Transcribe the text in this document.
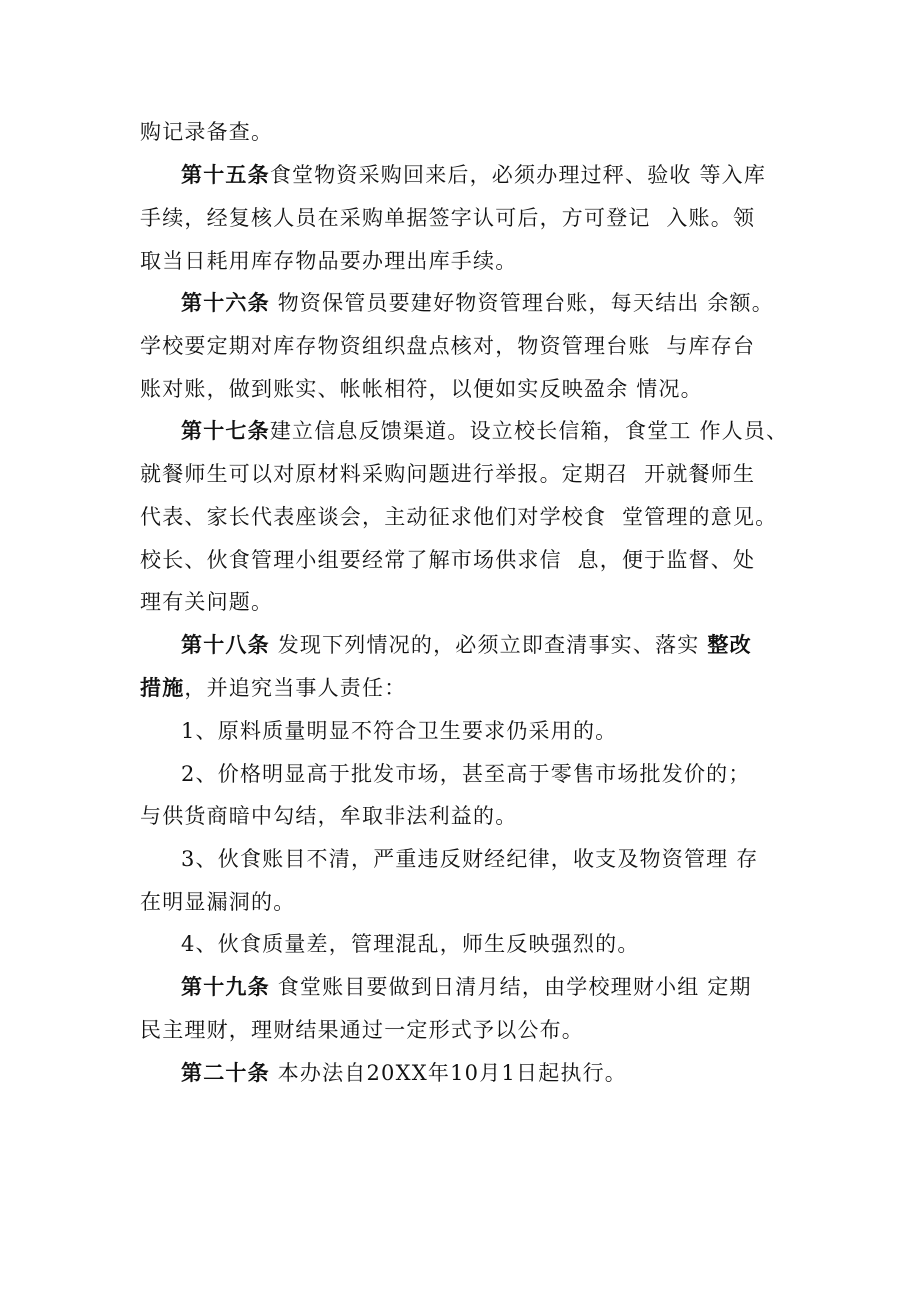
购记录备查。
第十五条食堂物资采购回来后，必须办理过秤、验收 等入库
手续，经复核人员在采购单据签字认可后，方可登记  入账。领
取当日耗用库存物品要办理出库手续。
第十六条 物资保管员要建好物资管理台账，每天结出 余额。
学校要定期对库存物资组织盘点核对，物资管理台账  与库存台
账对账，做到账实、帐帐相符，以便如实反映盈余 情况。
第十七条建立信息反馈渠道。设立校长信箱，食堂工 作人员、
就餐师生可以对原材料采购问题进行举报。定期召  开就餐师生
代表、家长代表座谈会，主动征求他们对学校食  堂管理的意见。
校长、伙食管理小组要经常了解市场供求信  息，便于监督、处
理有关问题。
第十八条 发现下列情况的，必须立即查清事实、落实 整改
措施，并追究当事人责任：
1、原料质量明显不符合卫生要求仍采用的。
2、价格明显高于批发市场，甚至高于零售市场批发价的；
与供货商暗中勾结，牟取非法利益的。
3、伙食账目不清，严重违反财经纪律，收支及物资管理 存
在明显漏洞的。
4、伙食质量差，管理混乱，师生反映强烈的。
第十九条 食堂账目要做到日清月结，由学校理财小组 定期
民主理财，理财结果通过一定形式予以公布。
第二十条 本办法自20XX年10月1日起执行。
